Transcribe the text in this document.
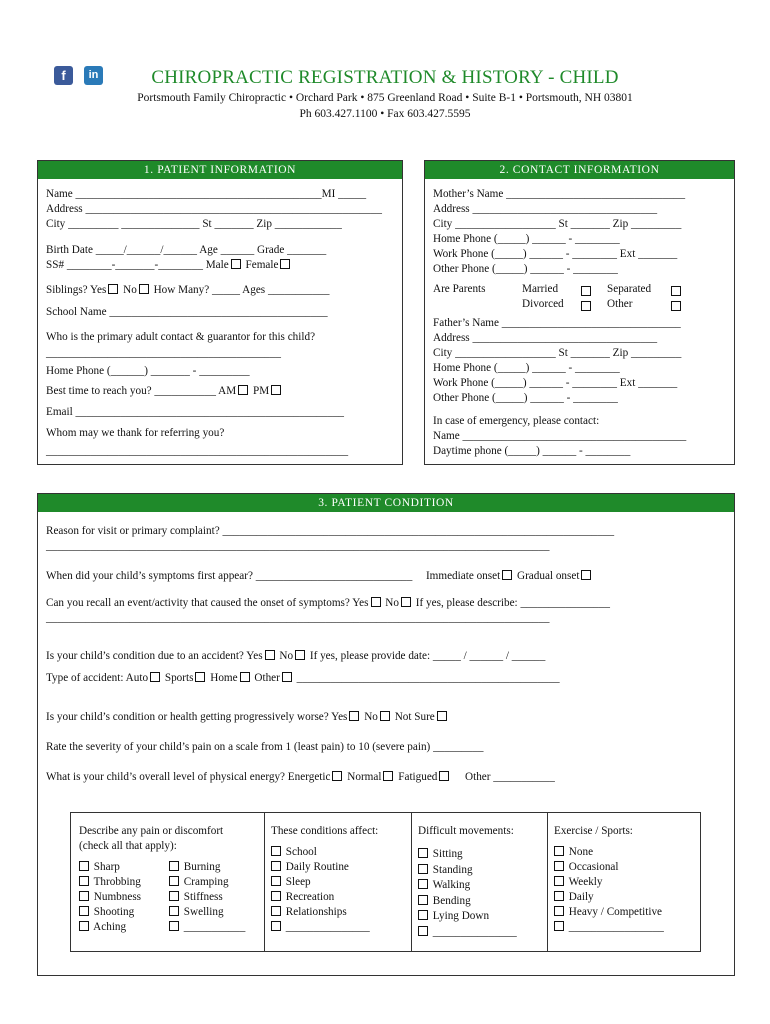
f	in	CHIROPRACTIC REGISTRATION & HISTORY - CHILD
Portsmouth Family Chiropractic • Orchard Park • 875 Greenland Road • Suite B-1 • Portsmouth, NH 03801
Ph 603.427.1100 • Fax 603.427.5595
1. PATIENT INFORMATION
Name ____________________________________________MI _____
Address _____________________________________________________
City _________ ______________ St _______ Zip ____________
Birth Date _____/______/______ Age ______ Grade _______
SS# ________-_______-________ Male Female
Siblings? Yes No How Many? _____ Ages ___________
School Name _______________________________________
Who is the primary adult contact & guarantor for this child?
__________________________________________
Home Phone (______) _______ - _________
Best time to reach you? ___________ AM PM
Email ________________________________________________
Whom may we thank for referring you?
______________________________________________________
2. CONTACT INFORMATION
Mother’s Name ________________________________
Address _________________________________
City __________________ St _______ Zip _________
Home Phone (_____) ______ - ________
Work Phone (_____) ______ - ________ Ext _______
Other Phone (_____) ______ - ________
Are Parents	Married	Separated
Divorced	Other
Father’s Name ________________________________
Address _________________________________
City __________________ St _______ Zip _________
Home Phone (_____) ______ - ________
Work Phone (_____) ______ - ________ Ext _______
Other Phone (_____) ______ - ________
In case of emergency, please contact:
Name ________________________________________
Daytime phone (_____) ______ - ________
3. PATIENT CONDITION
Reason for visit or primary complaint? ______________________________________________________________________
__________________________________________________________________________________________
When did your child’s symptoms first appear? ____________________________ Immediate onset Gradual onset
Can you recall an event/activity that caused the onset of symptoms? Yes No If yes, please describe: ________________
__________________________________________________________________________________________
Is your child’s condition due to an accident? Yes No If yes, please provide date: _____ / ______ / ______
Type of accident: Auto Sports Home Other _______________________________________________
Is your child’s condition or health getting progressively worse? Yes No Not Sure
Rate the severity of your child’s pain on a scale from 1 (least pain) to 10 (severe pain) _________
What is your child’s overall level of physical energy? Energetic Normal Fatigued Other ___________
Describe any pain or discomfort
(check all that apply):
Sharp
Throbbing
Numbness
Shooting
Aching
Burning
Cramping
Stiffness
Swelling
___________
These conditions affect:
School
Daily Routine
Sleep
Recreation
Relationships
_______________
Difficult movements:
Sitting
Standing
Walking
Bending
Lying Down
_______________
Exercise / Sports:
None
Occasional
Weekly
Daily
Heavy / Competitive
_________________
